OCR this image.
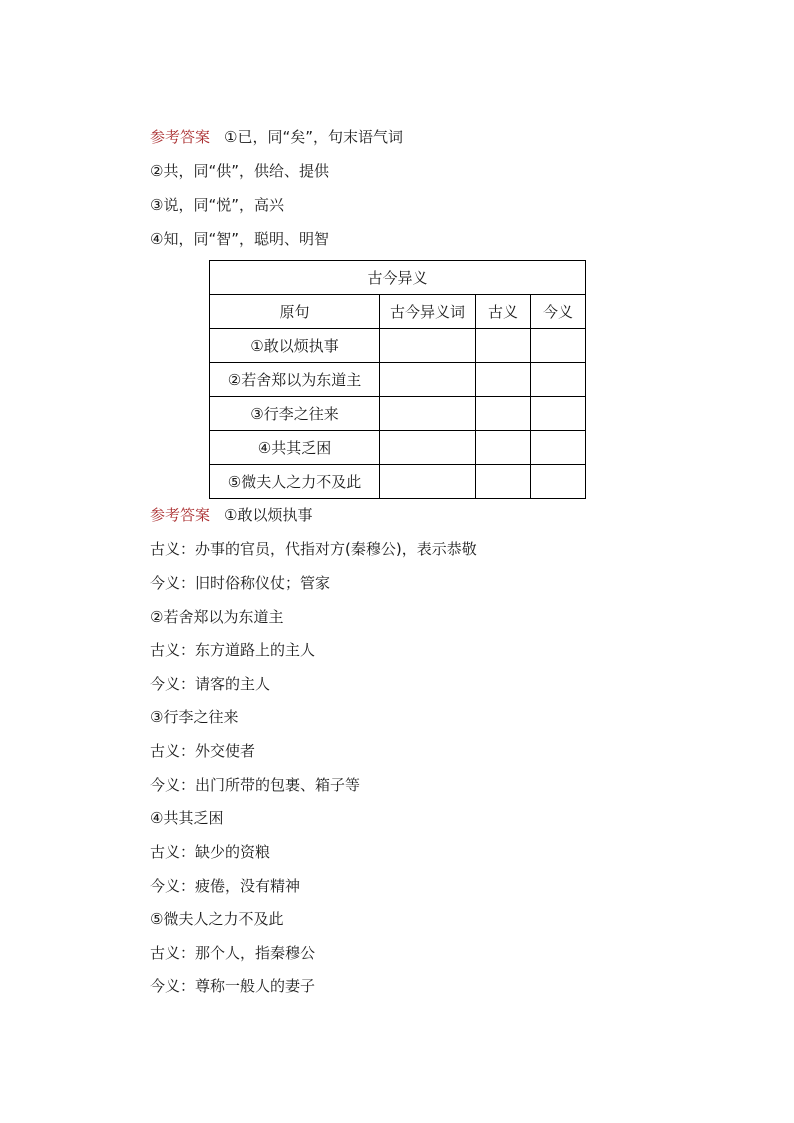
参考答案 ①已，同“矣”，句末语气词
②共，同“供”，供给、提供
③说，同“悦”，高兴
④知，同“智”，聪明、明智
古今异义			
原句	古今异义词	古义	今义
①敢以烦执事			
②若舍郑以为东道主			
③行李之往来			
④共其乏困			
⑤微夫人之力不及此			
参考答案 ①敢以烦执事
古义：办事的官员，代指对方(秦穆公)，表示恭敬
今义：旧时俗称仪仗；管家
②若舍郑以为东道主
古义：东方道路上的主人
今义：请客的主人
③行李之往来
古义：外交使者
今义：出门所带的包裹、箱子等
④共其乏困
古义：缺少的资粮
今义：疲倦，没有精神
⑤微夫人之力不及此
古义：那个人，指秦穆公
今义：尊称一般人的妻子
